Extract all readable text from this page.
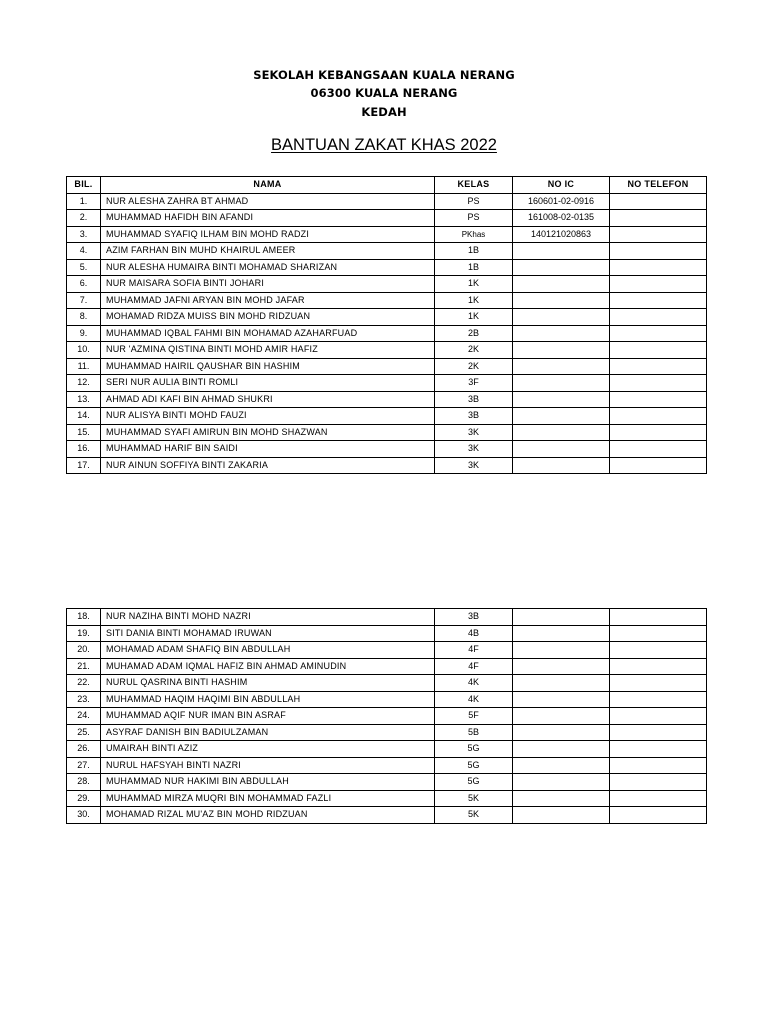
SEKOLAH KEBANGSAAN KUALA NERANG
06300 KUALA NERANG
KEDAH
BANTUAN ZAKAT KHAS 2022
BIL.	NAMA	KELAS	NO IC	NO TELEFON
1.	NUR ALESHA ZAHRA BT AHMAD	PS	160601-02-0916	
2.	MUHAMMAD HAFIDH BIN AFANDI	PS	161008-02-0135	
3.	MUHAMMAD SYAFIQ ILHAM BIN MOHD RADZI	PKhas	140121020863	
4.	AZIM FARHAN BIN MUHD KHAIRUL AMEER	1B		
5.	NUR ALESHA HUMAIRA BINTI MOHAMAD SHARIZAN	1B		
6.	NUR MAISARA SOFIA BINTI JOHARI	1K		
7.	MUHAMMAD JAFNI ARYAN BIN MOHD JAFAR	1K		
8.	MOHAMAD RIDZA MUISS BIN MOHD RIDZUAN	1K		
9.	MUHAMMAD IQBAL FAHMI BIN MOHAMAD AZAHARFUAD	2B		
10.	NUR 'AZMINA QISTINA BINTI MOHD AMIR HAFIZ	2K		
11.	MUHAMMAD HAIRIL QAUSHAR BIN HASHIM	2K		
12.	SERI NUR AULIA BINTI ROMLI	3F		
13.	AHMAD ADI KAFI BIN AHMAD SHUKRI	3B		
14.	NUR ALISYA BINTI MOHD FAUZI	3B		
15.	MUHAMMAD SYAFI AMIRUN BIN MOHD SHAZWAN	3K		
16.	MUHAMMAD HARIF BIN SAIDI	3K		
17.	NUR AINUN SOFFIYA BINTI ZAKARIA	3K		
18.	NUR NAZIHA BINTI MOHD NAZRI	3B		
19.	SITI DANIA BINTI MOHAMAD IRUWAN	4B		
20.	MOHAMAD ADAM SHAFIQ BIN ABDULLAH	4F		
21.	MUHAMAD ADAM IQMAL HAFIZ BIN AHMAD AMINUDIN	4F		
22.	NURUL QASRINA BINTI HASHIM	4K		
23.	MUHAMMAD HAQIM HAQIMI BIN ABDULLAH	4K		
24.	MUHAMMAD AQIF NUR IMAN BIN ASRAF	5F		
25.	ASYRAF DANISH BIN BADIULZAMAN	5B		
26.	UMAIRAH BINTI AZIZ	5G		
27.	NURUL HAFSYAH BINTI NAZRI	5G		
28.	MUHAMMAD NUR HAKIMI BIN ABDULLAH	5G		
29.	MUHAMMAD MIRZA MUQRI BIN MOHAMMAD FAZLI	5K		
30.	MOHAMAD RIZAL MU'AZ BIN MOHD RIDZUAN	5K		
